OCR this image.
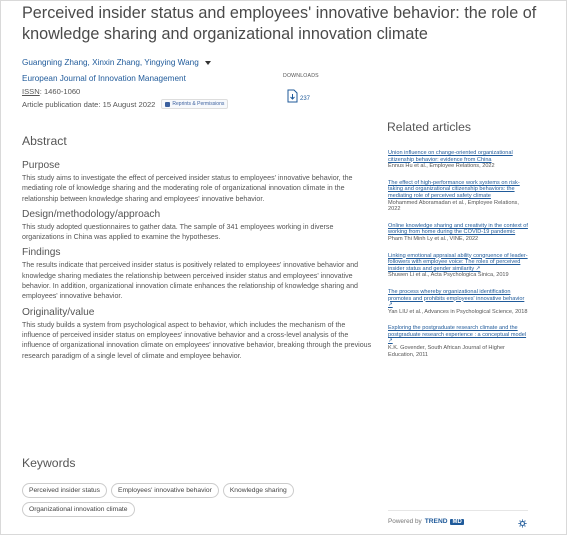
Perceived insider status and employees' innovative behavior: the role of knowledge sharing and organizational innovation climate
Guangning Zhang, Xinxin Zhang, Yingying Wang
European Journal of Innovation Management
ISSN: 1460-1060
Article publication date: 15 August 2022	Reprints & Permissions
DOWNLOADS
237
Abstract
Purpose

This study aims to investigate the effect of perceived insider status to employees' innovative behavior, the mediating role of knowledge sharing and the moderating role of organizational innovation climate in the relationship between knowledge sharing and employees' innovative behavior.

Design/methodology/approach

This study adopted questionnaires to gather data. The sample of 341 employees working in diverse organizations in China was applied to examine the hypotheses.

Findings

The results indicate that perceived insider status is positively related to employees' innovative behavior and knowledge sharing mediates the relationship between perceived insider status and employees' innovative behavior. In addition, organizational innovation climate enhances the relationship of knowledge sharing and employees' innovative behavior.

Originality/value

This study builds a system from psychological aspect to behavior, which includes the mechanism of the influence of perceived insider status on employees' innovative behavior and a cross-level analysis of the influence of organizational innovation climate on employees' innovative behavior, breaking through the previous research paradigm of a single level of climate and employee behavior.

Keywords
Perceived insider status	Employees' innovative behavior	Knowledge sharing
Organizational innovation climate
Related articles
Union influence on change-oriented organizational citizenship behavior: evidence from China
Ennus Hu et al., Employee Relations, 2022
The effect of high-performance work systems on risk-taking and organizational citizenship behaviors: the mediating role of perceived safety climate
Mohammed Aboramadan et al., Employee Relations, 2022
Online knowledge sharing and creativity in the context of working from home during the COVID-19 pandemic
Pham Thi Minh Ly et al., VINE, 2022
Linking emotional appraisal ability congruence of leader-followers with employee voice: The roles of perceived insider status and gender similarity ↗
Shuwen Li et al., Acta Psychologica Sinica, 2019
The process whereby organizational identification promotes and prohibits employees' innovative behavior ↗
Yan LIU et al., Advances in Psychological Science, 2018
Exploring the postgraduate research climate and the postgraduate research experience : a conceptual model ↗
K.K. Govender, South African Journal of Higher Education, 2011
Powered by TREND MD
